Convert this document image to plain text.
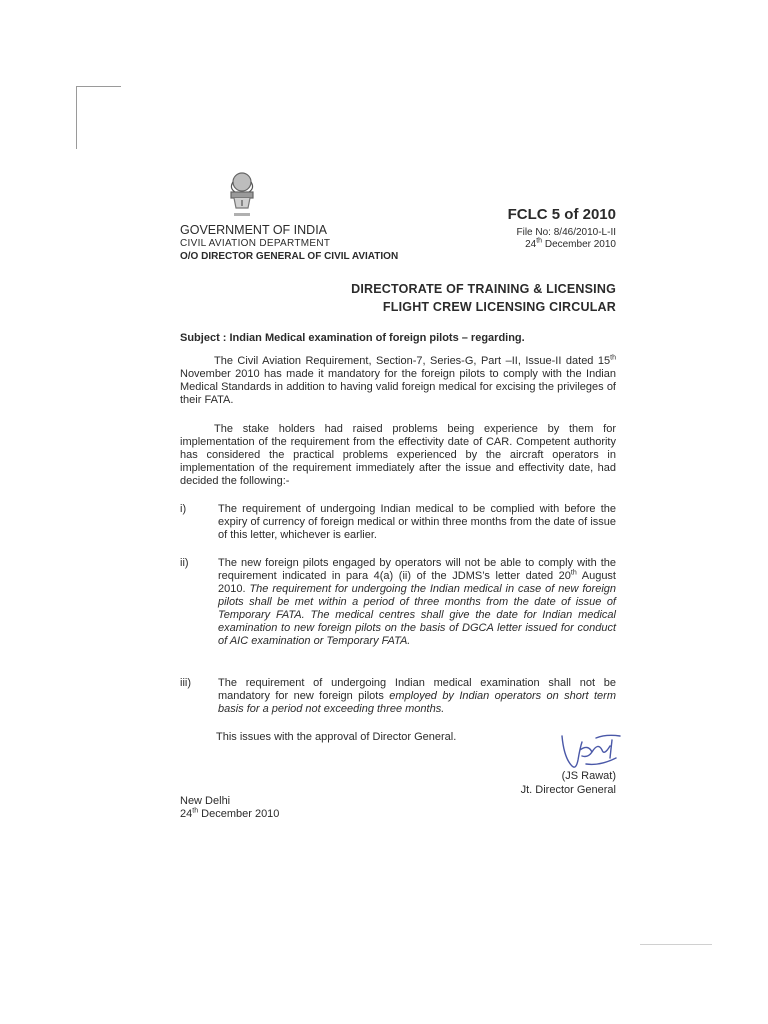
GOVERNMENT OF INDIA
CIVIL AVIATION DEPARTMENT
O/O DIRECTOR GENERAL OF CIVIL AVIATION
FCLC 5 of 2010
File No: 8/46/2010-L-II
24th December 2010
DIRECTORATE OF TRAINING & LICENSING
FLIGHT CREW LICENSING CIRCULAR
Subject : Indian Medical examination of foreign pilots – regarding.
The Civil Aviation Requirement, Section-7, Series-G, Part –II, Issue-II dated 15th November 2010 has made it mandatory for the foreign pilots to comply with the Indian Medical Standards in addition to having valid foreign medical for excising the privileges of their FATA.
The stake holders had raised problems being experience by them for implementation of the requirement from the effectivity date of CAR. Competent authority has considered the practical problems experienced by the aircraft operators in implementation of the requirement immediately after the issue and effectivity date, had decided the following:-
i)	The requirement of undergoing Indian medical to be complied with before the expiry of currency of foreign medical or within three months from the date of issue of this letter, whichever is earlier.
ii)	The new foreign pilots engaged by operators will not be able to comply with the requirement indicated in para 4(a) (ii) of the JDMS’s letter dated 20th August 2010. The requirement for undergoing the Indian medical in case of new foreign pilots shall be met within a period of three months from the date of issue of Temporary FATA. The medical centres shall give the date for Indian medical examination to new foreign pilots on the basis of DGCA letter issued for conduct of AIC examination or Temporary FATA.
iii) The requirement of undergoing Indian medical examination shall not be mandatory for new foreign pilots employed by Indian operators on short term basis for a period not exceeding three months.
This issues with the approval of Director General.
(JS Rawat)
Jt. Director General
New Delhi
24th December 2010
